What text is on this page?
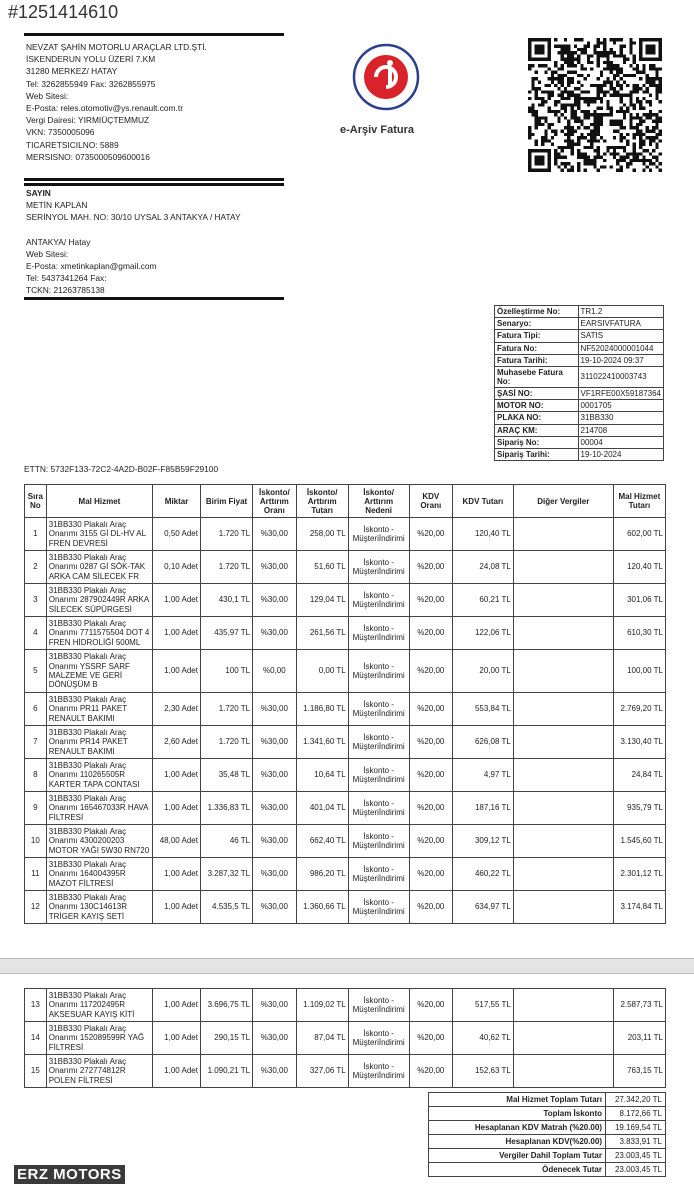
#1251414610
NEVZAT ŞAHİN MOTORLU ARAÇLAR LTD.ŞTİ.
İSKENDERUN YOLU ÜZERİ 7.KM
31280 MERKEZ/ HATAY
Tel: 3262855949 Fax: 3262855975
Web Sitesi:
E-Posta: reles.otomotiv@ys.renault.com.tr
Vergi Dairesi: YIRMIÜÇTEMMUZ
VKN: 7350005096
TICARETSICILNO: 5889
MERSISNO: 0735000509600016
e-Arşiv Fatura
SAYIN
METİN KAPLAN
SERİNYOL MAH. NO: 30/10 UYSAL 3 ANTAKYA / HATAY
ANTAKYA/ Hatay
Web Sitesi:
E-Posta: xmetinkaplan@gmail.com
Tel: 5437341264 Fax:
TCKN: 21263785138
Özelleştirme No:	TR1.2
Senaryo:	EARSIVFATURA
Fatura Tipi:	SATIS
Fatura No:	NF52024000001044
Fatura Tarihi:	19-10-2024 09:37
Muhasebe Fatura No:	311022410003743
ŞASİ NO:	VF1RFE00X59187364
MOTOR NO:	0001705
PLAKA NO:	31BB330
ARAÇ KM:	214708
Sipariş No:	00004
Sipariş Tarihi:	19-10-2024
ETTN: 5732F133-72C2-4A2D-B02F-F85B59F29100
Sıra No	Mal Hizmet	Miktar	Birim Fiyat	İskonto/ Arttırım Oranı	İskonto/ Arttırım Tutarı	İskonto/ Arttırım Nedeni	KDV Oranı	KDV Tutarı	Diğer Vergiler	Mal Hizmet Tutarı
1	31BB330 Plakalı Araç Onarımı 3155 Gİ DL-HV AL FREN DEVRESİ	0,50 Adet	1.720 TL	%30,00	258,00 TL	İskonto - Müşteriİndirimi	%20,00	120,40 TL		602,00 TL
2	31BB330 Plakalı Araç Onarımı 0287 Gİ SÖK-TAK ARKA CAM SİLECEK FR	0,10 Adet	1.720 TL	%30,00	51,60 TL	İskonto - Müşteriİndirimi	%20,00	24,08 TL		120,40 TL
3	31BB330 Plakalı Araç Onarımı 287902449R ARKA SİLECEK SÜPÜRGESİ	1,00 Adet	430,1 TL	%30,00	129,04 TL	İskonto - Müşteriİndirimi	%20,00	60,21 TL		301,06 TL
4	31BB330 Plakalı Araç Onarımı 7711575504 DOT 4 FREN HİDROLİĞİ 500ML	1,00 Adet	435,97 TL	%30,00	261,56 TL	İskonto - Müşteriİndirimi	%20,00	122,06 TL		610,30 TL
5	31BB330 Plakalı Araç Onarımı YSSRF SARF MALZEME VE GERİ DÖNÜŞÜM B	1,00 Adet	100 TL	%0,00	0,00 TL	İskonto - Müşteriİndirimi	%20,00	20,00 TL		100,00 TL
6	31BB330 Plakalı Araç Onarımı PR11 PAKET RENAULT BAKIMI	2,30 Adet	1.720 TL	%30,00	1.186,80 TL	İskonto - Müşteriİndirimi	%20,00	553,84 TL		2.769,20 TL
7	31BB330 Plakalı Araç Onarımı PR14 PAKET RENAULT BAKIMI	2,60 Adet	1.720 TL	%30,00	1.341,60 TL	İskonto - Müşteriİndirimi	%20,00	626,08 TL		3.130,40 TL
8	31BB330 Plakalı Araç Onarımı 110265505R KARTER TAPA CONTASI	1,00 Adet	35,48 TL	%30,00	10,64 TL	İskonto - Müşteriİndirimi	%20,00	4,97 TL		24,84 TL
9	31BB330 Plakalı Araç Onarımı 165467033R HAVA FİLTRESİ	1,00 Adet	1.336,83 TL	%30,00	401,04 TL	İskonto - Müşteriİndirimi	%20,00	187,16 TL		935,79 TL
10	31BB330 Plakalı Araç Onarımı 4300200203 MOTOR YAĞI 5W30 RN720	48,00 Adet	46 TL	%30,00	662,40 TL	İskonto - Müşteriİndirimi	%20,00	309,12 TL		1.545,60 TL
11	31BB330 Plakalı Araç Onarımı 164004395R MAZOT FİLTRESİ	1,00 Adet	3.287,32 TL	%30,00	986,20 TL	İskonto - Müşteriİndirimi	%20,00	460,22 TL		2.301,12 TL
12	31BB330 Plakalı Araç Onarımı 130C14613R TRİGER KAYIŞ SETİ	1,00 Adet	4.535,5 TL	%30,00	1.360,66 TL	İskonto - Müşteriİndirimi	%20,00	634,97 TL		3.174,84 TL
13	31BB330 Plakalı Araç Onarımı 117202495R AKSESUAR KAYIŞ KİTİ	1,00 Adet	3.696,75 TL	%30,00	1.109,02 TL	İskonto - Müşteriİndirimi	%20,00	517,55 TL		2.587,73 TL
14	31BB330 Plakalı Araç Onarımı 152089599R YAĞ FİLTRESİ	1,00 Adet	290,15 TL	%30,00	87,04 TL	İskonto - Müşteriİndirimi	%20,00	40,62 TL		203,11 TL
15	31BB330 Plakalı Araç Onarımı 272774812R POLEN FİLTRESİ	1,00 Adet	1.090,21 TL	%30,00	327,06 TL	İskonto - Müşteriİndirimi	%20,00	152,63 TL		763,15 TL
Mal Hizmet Toplam Tutarı	27.342,20 TL
Toplam İskonto	8.172,66 TL
Hesaplanan KDV Matrah (%20.00)	19.169,54 TL
Hesaplanan KDV(%20.00)	3.833,91 TL
Vergiler Dahil Toplam Tutar	23.003,45 TL
Ödenecek Tutar	23.003,45 TL
ERZ MOTORS
